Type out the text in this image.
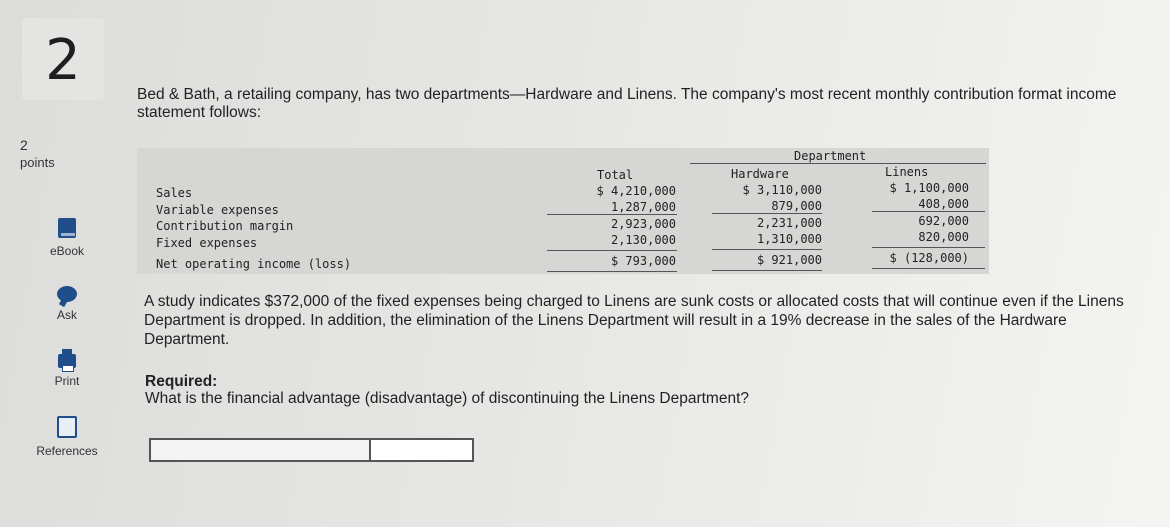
2
2
points
eBook
Ask
Print
References
Bed & Bath, a retailing company, has two departments—Hardware and Linens. The company's most recent monthly contribution format income statement follows:
Department
Total	Hardware	Linens
Sales
Variable expenses
Contribution margin
Fixed expenses
Net operating income (loss)
$ 4,210,000
1,287,000
2,923,000
2,130,000
$ 793,000
$ 3,110,000
879,000
2,231,000
1,310,000
$ 921,000
$ 1,100,000
408,000
692,000
820,000
$ (128,000)
A study indicates $372,000 of the fixed expenses being charged to Linens are sunk costs or allocated costs that will continue even if the Linens Department is dropped. In addition, the elimination of the Linens Department will result in a 19% decrease in the sales of the Hardware Department.
Required:
What is the financial advantage (disadvantage) of discontinuing the Linens Department?
